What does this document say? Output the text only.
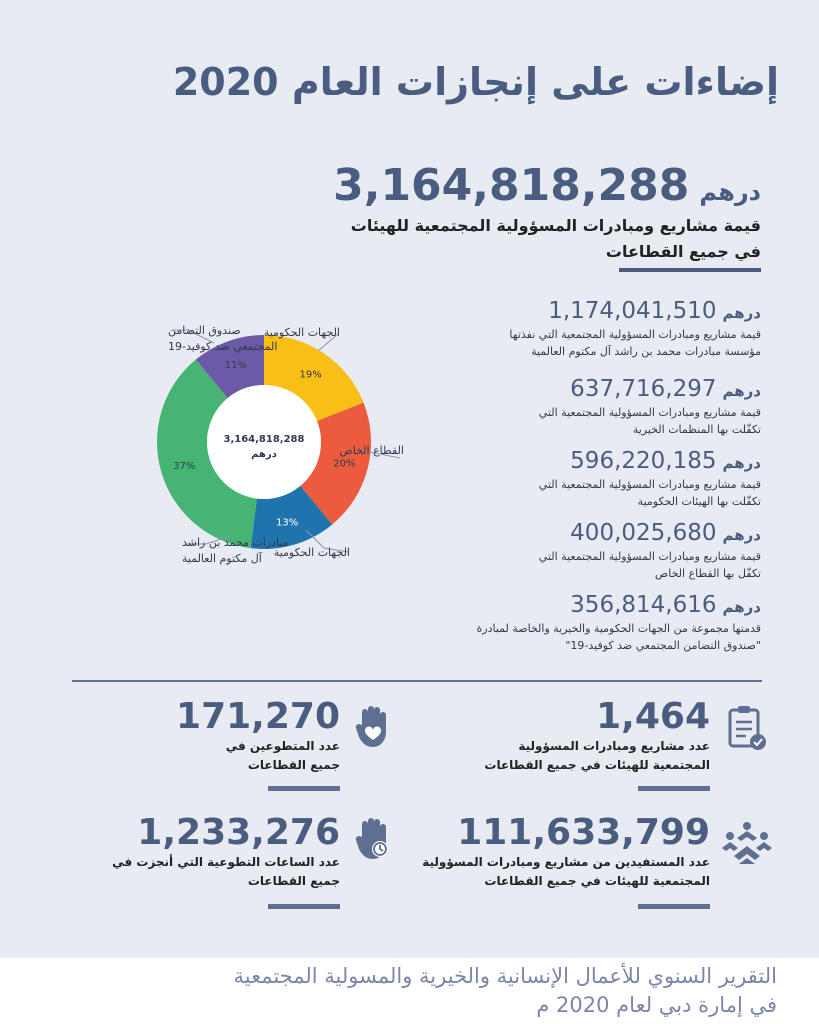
إضاءات على إنجازات العام 2020
درهم3,164,818,288
قيمة مشاريع ومبادرات المسؤولية المجتمعية للهيئات
في جميع القطاعات
درهم1,174,041,510
قيمة مشاريع ومبادرات المسؤولية المجتمعية التي نفذتها
مؤسسة مبادرات محمد بن راشد آل مكتوم العالمية
درهم637,716,297
قيمة مشاريع ومبادرات المسؤولية المجتمعية التي
تكفّلت بها المنظمات الخيرية
درهم596,220,185
قيمة مشاريع ومبادرات المسؤولية المجتمعية التي
تكفّلت بها الهيئات الحكومية
درهم400,025,680
قيمة مشاريع ومبادرات المسؤولية المجتمعية التي
تكفّل بها القطاع الخاص
درهم356,814,616
قدمتها مجموعة من الجهات الحكومية والخيرية والخاصة لمبادرة
"صندوق التضامن المجتمعي ضد كوفيد-19"
3,164,818,288
درهم
الجهات الحكومية
القطاع الخاص
الجهات الحكومية
مبادرات محمد بن راشد
آل مكتوم العالمية
صندوق التضامن
المجتمعي ضد كوفيد-19
19%
20%
13%
37%
11%
1,464
عدد مشاريع ومبادرات المسؤولية
المجتمعية للهيئات في جميع القطاعات
171,270
عدد المتطوعين في
جميع القطاعات
111,633,799
عدد المستفيدين من مشاريع ومبادرات المسؤولية
المجتمعية للهيئات في جميع القطاعات
1,233,276
عدد الساعات التطوعية التي أنجزت في
جميع القطاعات
التقرير السنوي للأعمال الإنسانية والخيرية والمسولية المجتمعية
في إمارة دبي لعام 2020 م
